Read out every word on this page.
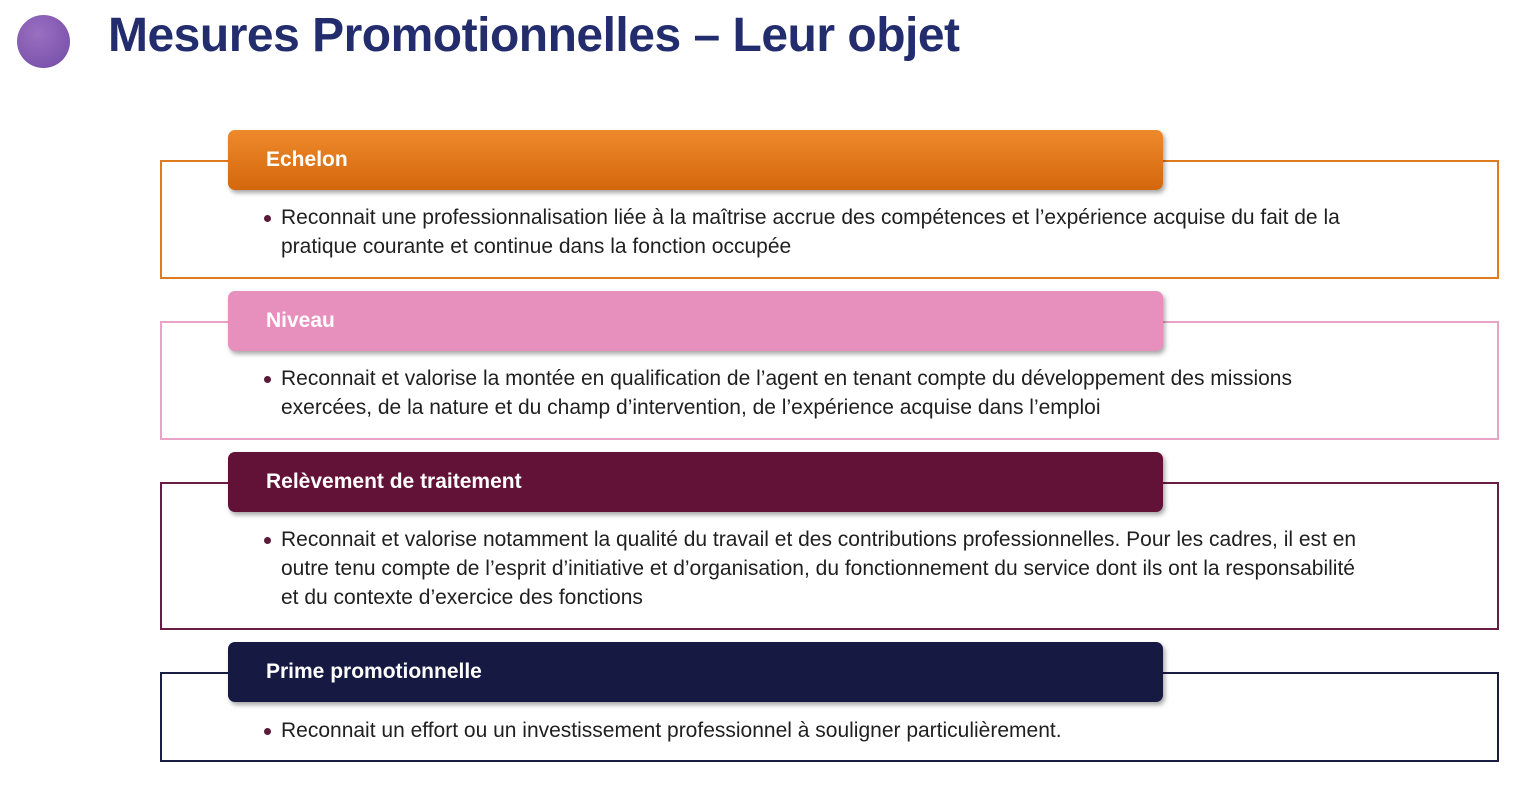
Mesures Promotionnelles – Leur objet
Echelon
Reconnait une professionnalisation liée à la maîtrise accrue des compétences et l’expérience acquise du fait de la pratique courante et continue dans la fonction occupée
Niveau
Reconnait et valorise la montée en qualification de l’agent en tenant compte du développement des missions exercées, de la nature et du champ d’intervention, de l’expérience acquise dans l’emploi
Relèvement de traitement
Reconnait et valorise notamment la qualité du travail et des contributions professionnelles. Pour les cadres, il est en outre tenu compte de l’esprit d’initiative et d’organisation, du fonctionnement du service dont ils ont la responsabilité et du contexte d’exercice des fonctions
Prime promotionnelle
Reconnait un effort ou un investissement professionnel à souligner particulièrement.
